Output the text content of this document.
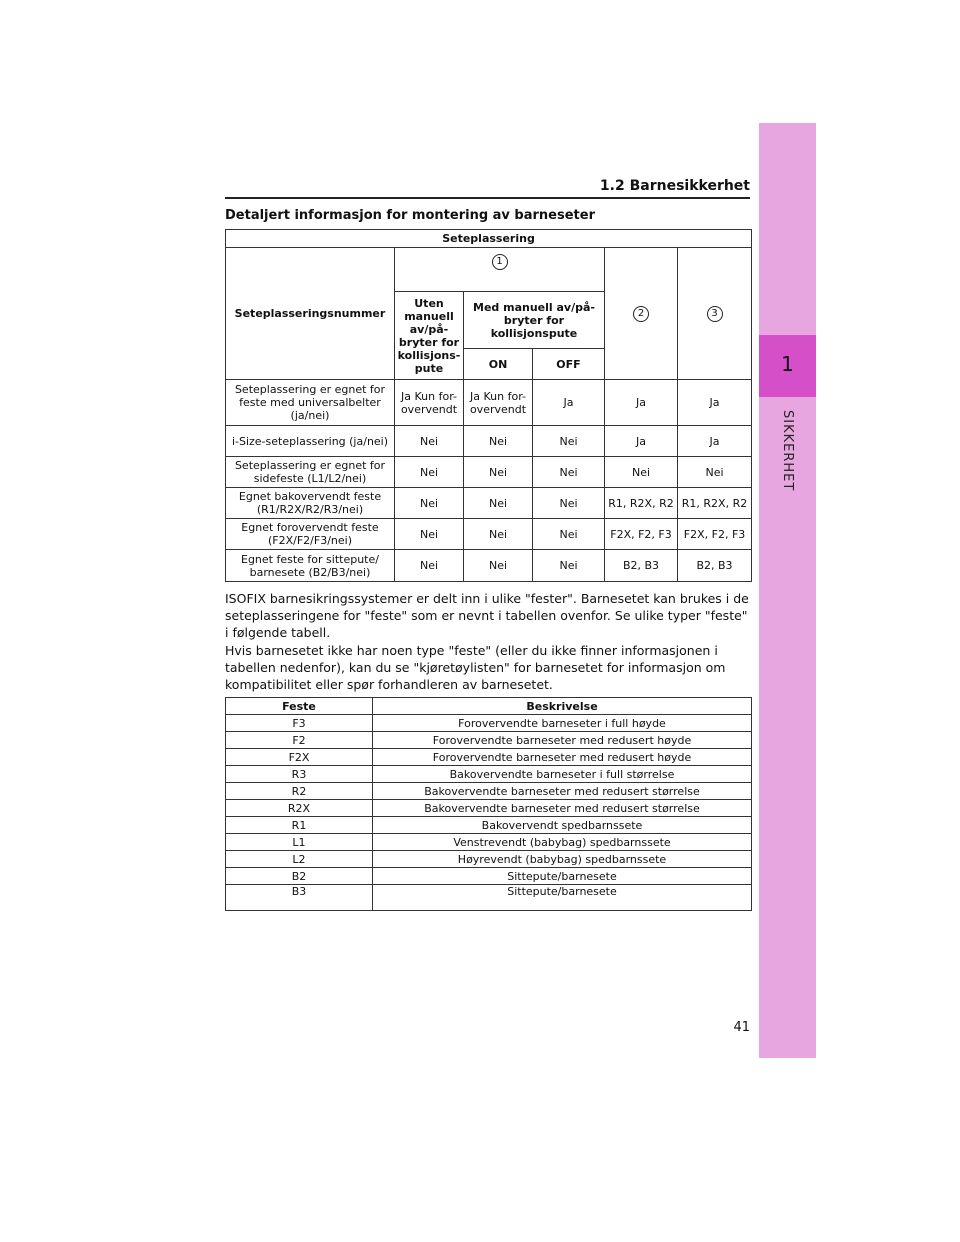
1
SIKKERHET
1.2 Barnesikkerhet
Detaljert informasjon for montering av barneseter
Seteplassering					
Seteplasseringsnummer	1			2	3
	Uten manuell av/på-bryter for kollisjons-pute	Med manuell av/på-bryter for kollisjonspute			
		ON	OFF		
Seteplassering er egnet for feste med universalbelter (ja/nei)	Ja Kun for-overvendt	Ja Kun for-overvendt	Ja	Ja	Ja
i-Size-seteplassering (ja/nei)	Nei	Nei	Nei	Ja	Ja
Seteplassering er egnet for sidefeste (L1/L2/nei)	Nei	Nei	Nei	Nei	Nei
Egnet bakovervendt feste (R1/R2X/R2/R3/nei)	Nei	Nei	Nei	R1, R2X, R2	R1, R2X, R2
Egnet forovervendt feste (F2X/F2/F3/nei)	Nei	Nei	Nei	F2X, F2, F3	F2X, F2, F3
Egnet feste for sittepute/ barnesete (B2/B3/nei)	Nei	Nei	Nei	B2, B3	B2, B3
ISOFIX barnesikringssystemer er delt inn i ulike "fester". Barnesetet kan brukes i de seteplasseringene for "feste" som er nevnt i tabellen ovenfor. Se ulike typer "feste" i følgende tabell.
Hvis barnesetet ikke har noen type "feste" (eller du ikke finner informasjonen i tabellen nedenfor), kan du se "kjøretøylisten" for barnesetet for informasjon om kompatibilitet eller spør forhandleren av barnesetet.
Feste	Beskrivelse
F3	Forovervendte barneseter i full høyde
F2	Forovervendte barneseter med redusert høyde
F2X	Forovervendte barneseter med redusert høyde
R3	Bakovervendte barneseter i full størrelse
R2	Bakovervendte barneseter med redusert størrelse
R2X	Bakovervendte barneseter med redusert størrelse
R1	Bakovervendt spedbarnssete
L1	Venstrevendt (babybag) spedbarnssete
L2	Høyrevendt (babybag) spedbarnssete
B2	Sittepute/barnesete
B3	Sittepute/barnesete
41
